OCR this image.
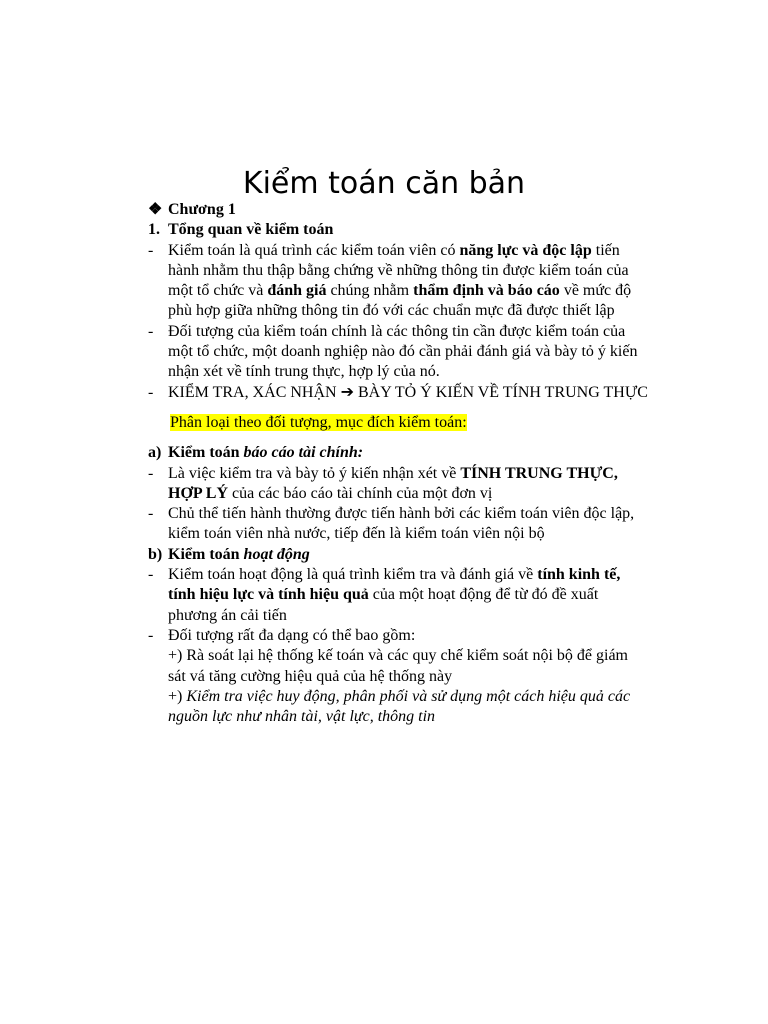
Kiểm toán căn bản
❖ Chương 1
1. Tổng quan về kiểm toán
- Kiểm toán là quá trình các kiểm toán viên có năng lực và độc lập tiến hành nhằm thu thập bằng chứng về những thông tin được kiểm toán của một tổ chức và đánh giá chúng nhằm thẩm định và báo cáo về mức độ phù hợp giữa những thông tin đó với các chuẩn mực đã được thiết lập
- Đối tượng của kiểm toán chính là các thông tin cần được kiểm toán của một tổ chức, một doanh nghiệp nào đó cần phải đánh giá và bày tỏ ý kiến nhận xét về tính trung thực, hợp lý của nó.
- KIỂM TRA, XÁC NHẬN ➔ BÀY TỎ Ý KIẾN VỀ TÍNH TRUNG THỰC
Phân loại theo đối tượng, mục đích kiểm toán:
a) Kiểm toán báo cáo tài chính:
- Là việc kiểm tra và bày tỏ ý kiến nhận xét về TÍNH TRUNG THỰC, HỢP LÝ của các báo cáo tài chính của một đơn vị
- Chủ thể tiến hành thường được tiến hành bởi các kiểm toán viên độc lập, kiểm toán viên nhà nước, tiếp đến là kiểm toán viên nội bộ
b) Kiểm toán hoạt động
- Kiểm toán hoạt động là quá trình kiểm tra và đánh giá về tính kinh tế, tính hiệu lực và tính hiệu quả của một hoạt động để từ đó đề xuất phương án cải tiến
- Đối tượng rất đa dạng có thể bao gồm:
+) Rà soát lại hệ thống kế toán và các quy chế kiểm soát nội bộ để giám sát vá tăng cường hiệu quả của hệ thống này
+) Kiểm tra việc huy động, phân phối và sử dụng một cách hiệu quả các nguồn lực như nhân tài, vật lực, thông tin
